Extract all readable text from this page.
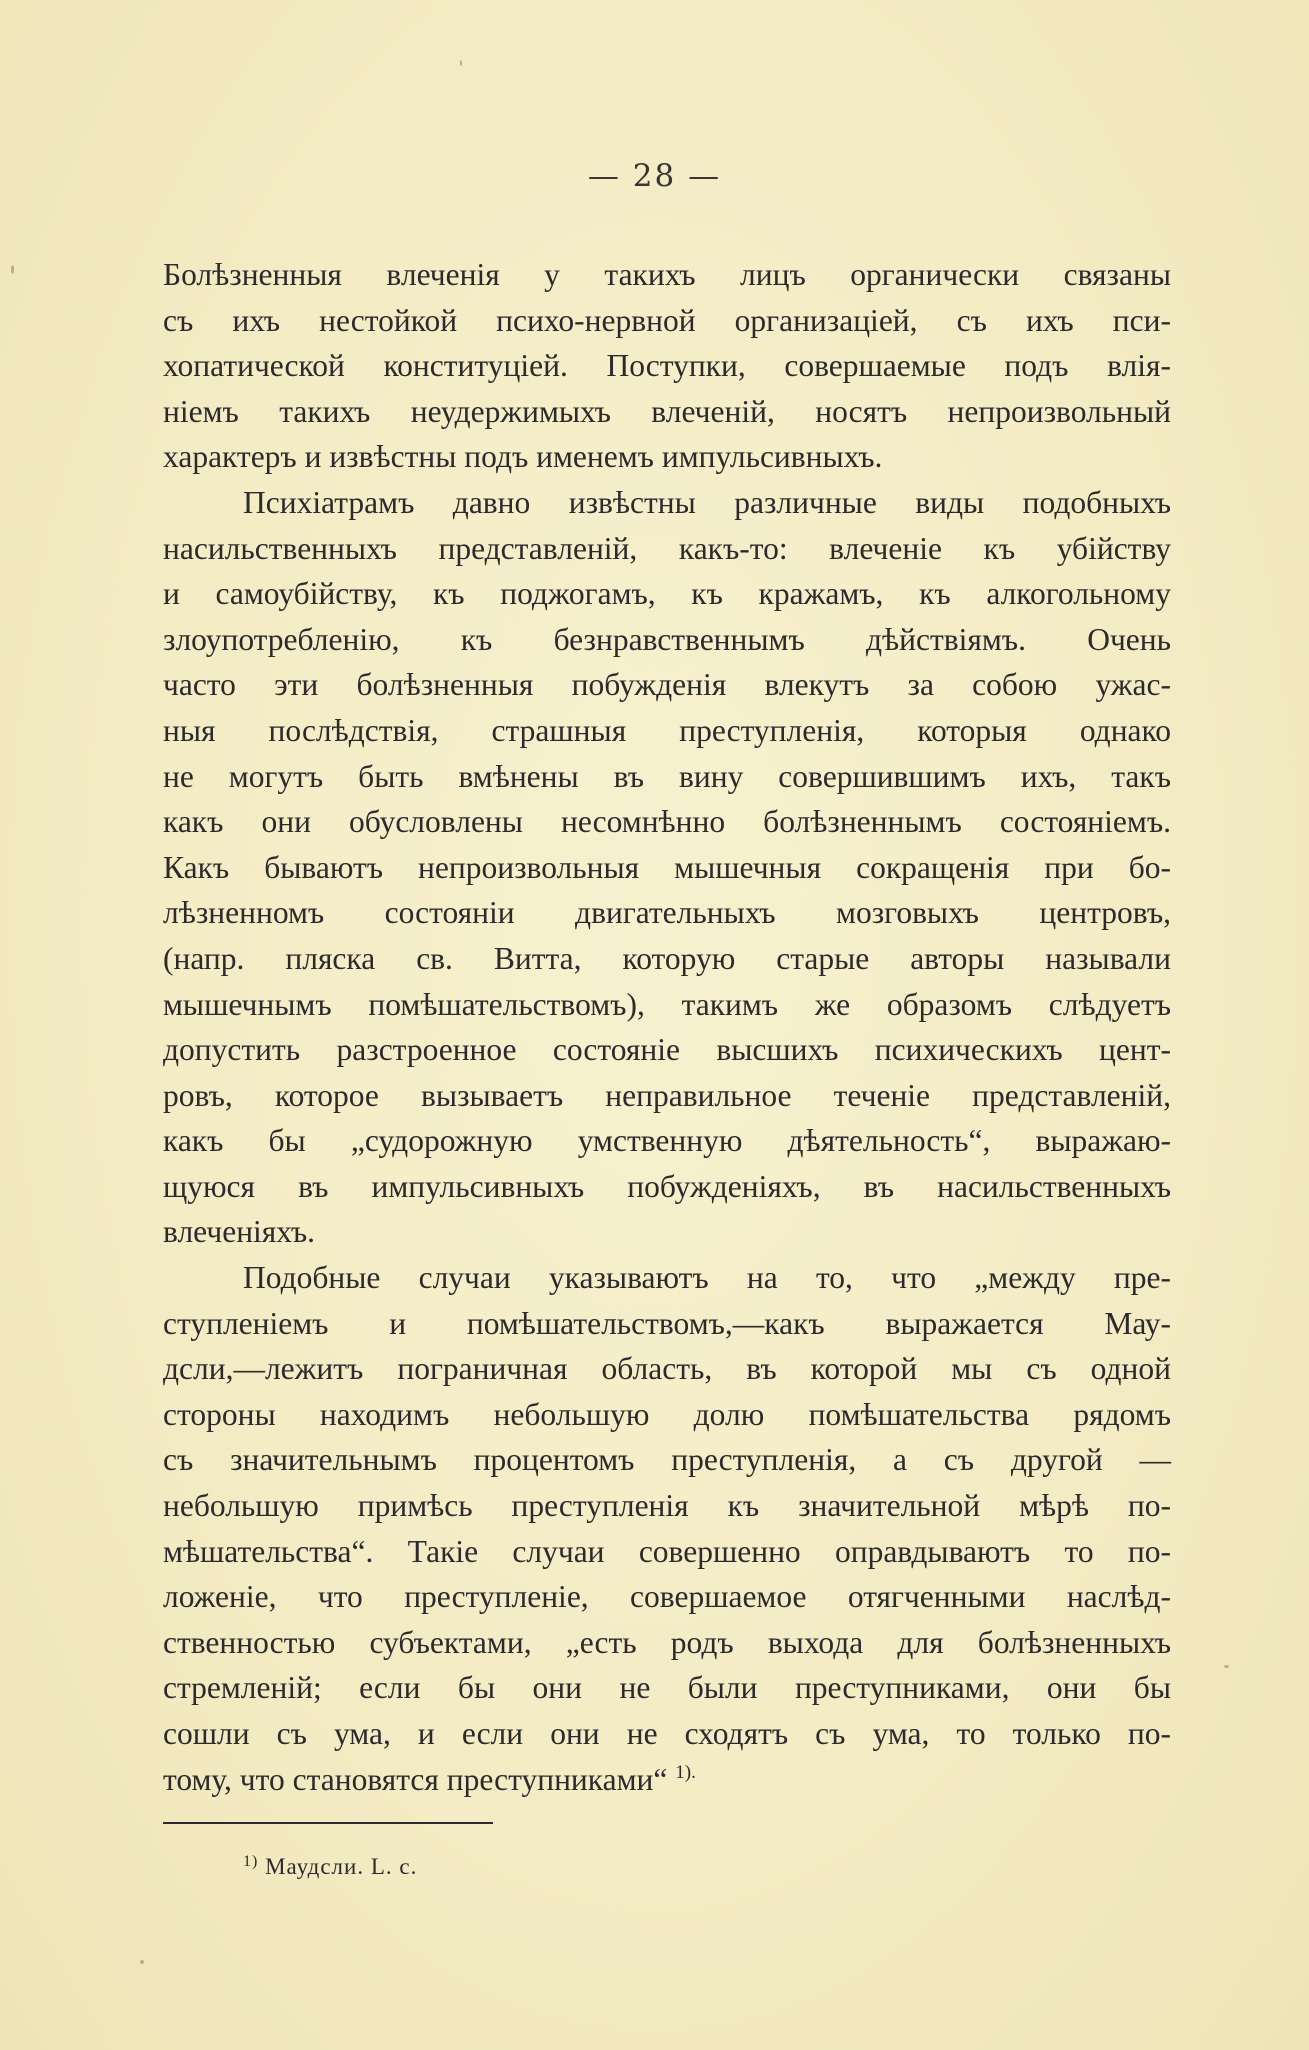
— 28 —

Болѣзненныя влеченія у такихъ лицъ органически связаны
съ ихъ нестойкой психо-нервной организацiей, съ ихъ пси-
хопатической конституціей. Поступки, совершаемые подъ влія-
ніемъ такихъ неудержимыхъ влеченій, носятъ непроизвольный
характеръ и извѣстны подъ именемъ импульсивныхъ.

Психіатрамъ давно извѣстны различные виды подобныхъ
насильственныхъ представленій, какъ-то: влеченіе къ убійству
и самоубійству, къ поджогамъ, къ кражамъ, къ алкогольному
злоупотребленію, къ безнравственнымъ дѣйствіямъ. Очень
часто эти болѣзненныя побужденія влекутъ за собою ужас-
ныя послѣдствія, страшныя преступленія, которыя однако
не могутъ быть вмѣнены въ вину совершившимъ ихъ, такъ
какъ они обусловлены несомнѣнно болѣзненнымъ состояніемъ.
Какъ бываютъ непроизвольныя мышечныя сокращенія при бо-
лѣзненномъ состояніи двигательныхъ мозговыхъ центровъ,
(напр. пляска св. Витта, которую старые авторы называли
мышечнымъ помѣшательствомъ), такимъ же образомъ слѣдуетъ
допустить разстроенное состояніе высшихъ психическихъ цент-
ровъ, которое вызываетъ неправильное теченіе представленій,
какъ бы „судорожную умственную дѣятельность“, выражаю-
щуюся въ импульсивныхъ побужденіяхъ, въ насильственныхъ
влеченіяхъ.

Подобные случаи указываютъ на то, что „между пре-
ступленіемъ и помѣшательствомъ,—какъ выражается Мау-
дсли,—лежитъ пограничная область, въ которой мы съ одной
стороны находимъ небольшую долю помѣшательства рядомъ
съ значительнымъ процентомъ преступленія, а съ другой —
небольшую примѣсь преступленія къ значительной мѣрѣ по-
мѣшательства“. Такіе случаи совершенно оправдываютъ то по-
ложеніе, что преступленіе, совершаемое отягченными наслѣд-
ственностью субъектами, „есть родъ выхода для болѣзненныхъ
стремленій; если бы они не были преступниками, они бы
сошли съ ума, и если они не сходятъ съ ума, то только по-
тому, что становятся преступниками“ $^{1).}$

$^{1)}$ Маудсли. L. c.
